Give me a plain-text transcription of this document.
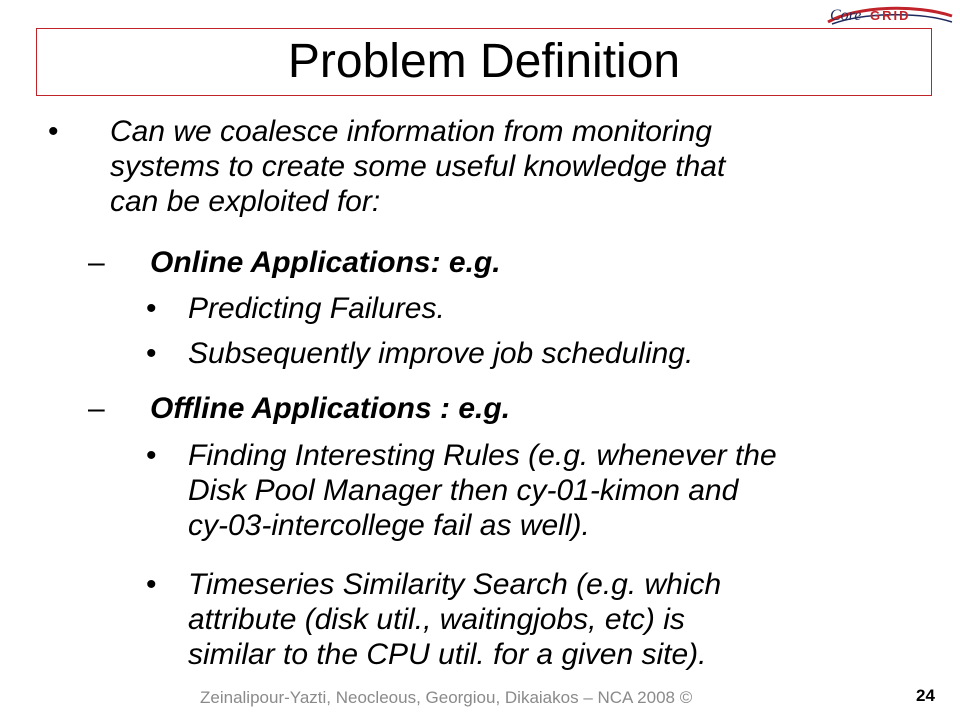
Core GRID
Problem Definition
• Can we coalesce information from monitoring
systems to create some useful knowledge that
can be exploited for:
– Online Applications: e.g.
• Predicting Failures.
• Subsequently improve job scheduling.
– Offline Applications : e.g.
• Finding Interesting Rules (e.g. whenever the
Disk Pool Manager then cy-01-kimon and
cy-03-intercollege fail as well).
• Timeseries Similarity Search (e.g. which
attribute (disk util., waitingjobs, etc) is
similar to the CPU util. for a given site).
Zeinalipour-Yazti, Neocleous, Georgiou, Dikaiakos – NCA 2008 ©	24
